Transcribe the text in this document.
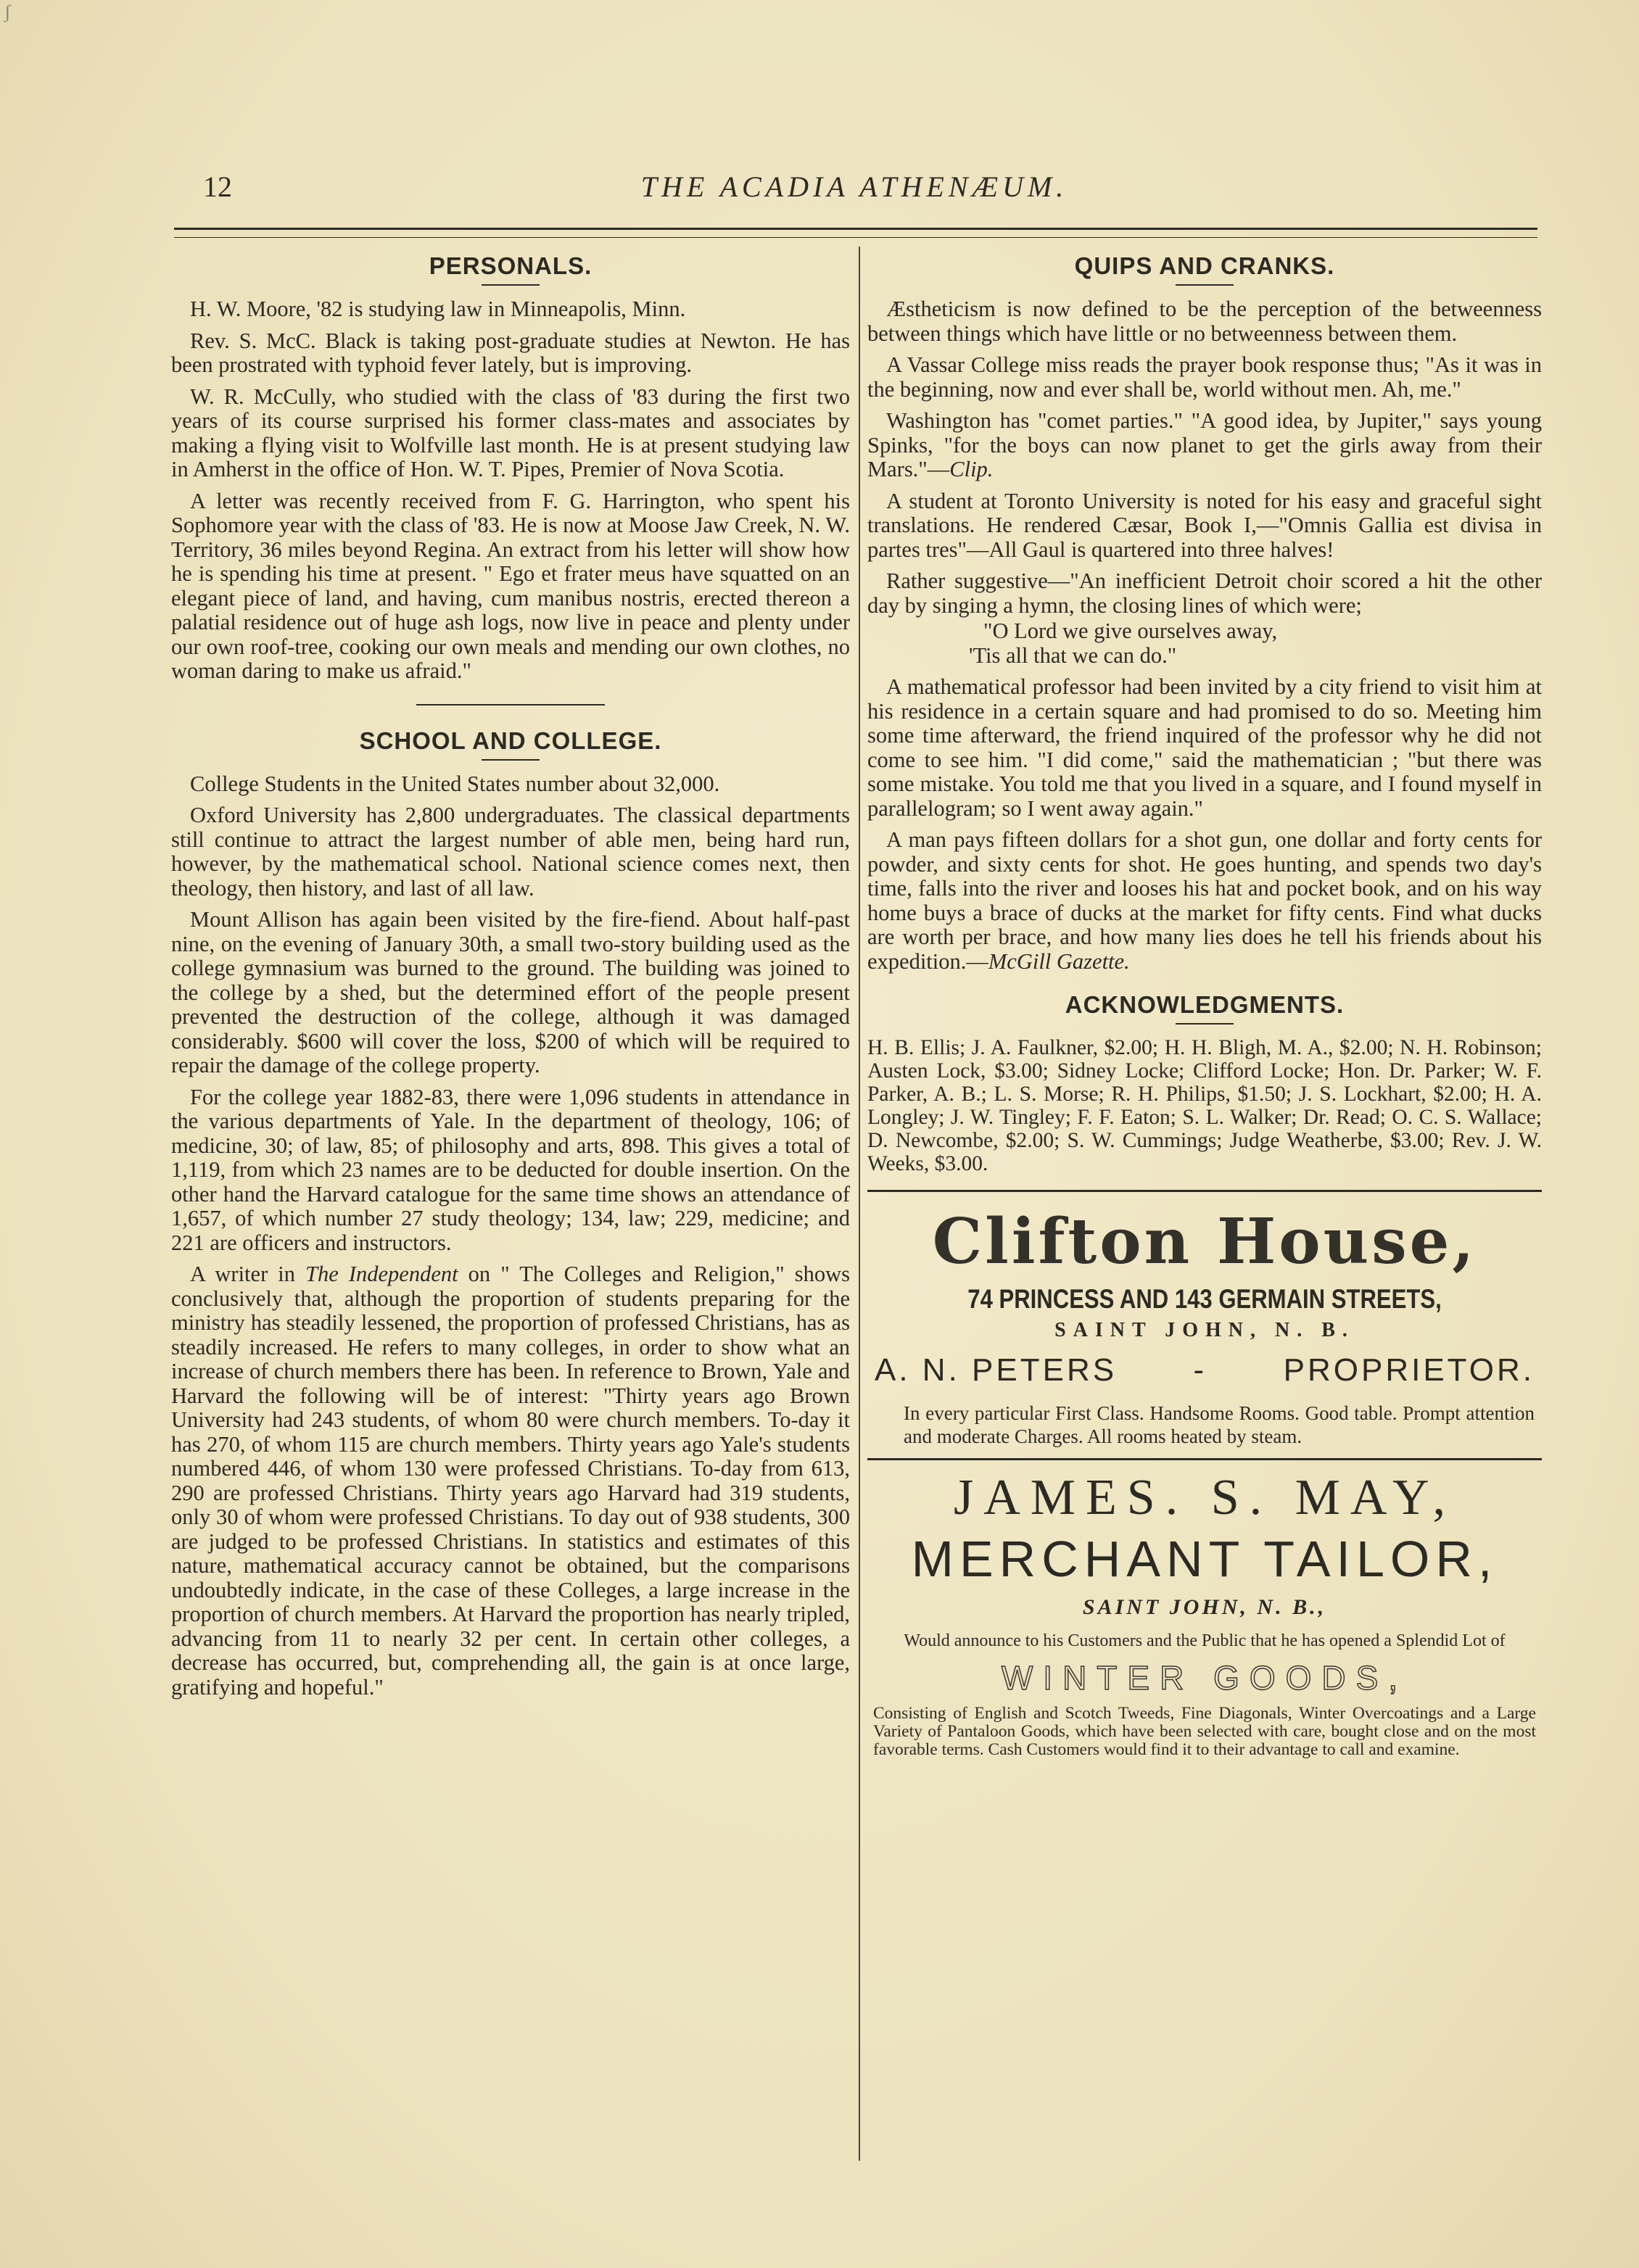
ʃ
12	THE ACADIA ATHENÆUM.
PERSONALS.

H. W. Moore, '82 is studying law in Minneapolis, Minn.

Rev. S. McC. Black is taking post-graduate studies at Newton. He has been prostrated with typhoid fever lately, but is improving.

W. R. McCully, who studied with the class of '83 during the first two years of its course surprised his former class-mates and associates by making a flying visit to Wolfville last month. He is at present studying law in Amherst in the office of Hon. W. T. Pipes, Premier of Nova Scotia.

A letter was recently received from F. G. Harrington, who spent his Sophomore year with the class of '83. He is now at Moose Jaw Creek, N. W. Territory, 36 miles beyond Regina. An extract from his letter will show how he is spending his time at present. " Ego et frater meus have squatted on an elegant piece of land, and having, cum manibus nostris, erected thereon a palatial residence out of huge ash logs, now live in peace and plenty under our own roof-tree, cooking our own meals and mending our own clothes, no woman daring to make us afraid."

SCHOOL AND COLLEGE.

College Students in the United States number about 32,000.

Oxford University has 2,800 undergraduates. The classical departments still continue to attract the largest number of able men, being hard run, however, by the mathematical school. National science comes next, then theology, then history, and last of all law.

Mount Allison has again been visited by the fire-fiend. About half-past nine, on the evening of January 30th, a small two-story building used as the college gymnasium was burned to the ground. The building was joined to the college by a shed, but the determined effort of the people present prevented the destruction of the college, although it was damaged considerably. $600 will cover the loss, $200 of which will be required to repair the damage of the college property.

For the college year 1882-83, there were 1,096 students in attendance in the various departments of Yale. In the department of theology, 106; of medicine, 30; of law, 85; of philosophy and arts, 898. This gives a total of 1,119, from which 23 names are to be deducted for double insertion. On the other hand the Harvard catalogue for the same time shows an attendance of 1,657, of which number 27 study theology; 134, law; 229, medicine; and 221 are officers and instructors.

A writer in The Independent on " The Colleges and Religion," shows conclusively that, although the proportion of students preparing for the ministry has steadily lessened, the proportion of professed Christians, has as steadily increased. He refers to many colleges, in order to show what an increase of church members there has been. In reference to Brown, Yale and Harvard the following will be of interest: "Thirty years ago Brown University had 243 students, of whom 80 were church members. To-day it has 270, of whom 115 are church members. Thirty years ago Yale's students numbered 446, of whom 130 were professed Christians. To-day from 613, 290 are professed Christians. Thirty years ago Harvard had 319 students, only 30 of whom were professed Christians. To day out of 938 students, 300 are judged to be professed Christians. In statistics and estimates of this nature, mathematical accuracy cannot be obtained, but the comparisons undoubtedly indicate, in the case of these Colleges, a large increase in the proportion of church members. At Harvard the proportion has nearly tripled, advancing from 11 to nearly 32 per cent. In certain other colleges, a decrease has occurred, but, comprehending all, the gain is at once large, gratifying and hopeful."

QUIPS AND CRANKS.

Æstheticism is now defined to be the perception of the betweenness between things which have little or no betweenness between them.

A Vassar College miss reads the prayer book response thus; "As it was in the beginning, now and ever shall be, world without men. Ah, me."

Washington has "comet parties." "A good idea, by Jupiter," says young Spinks, "for the boys can now planet to get the girls away from their Mars."—Clip.

A student at Toronto University is noted for his easy and graceful sight translations. He rendered Cæsar, Book I,—"Omnis Gallia est divisa in partes tres"—All Gaul is quartered into three halves!

Rather suggestive—"An inefficient Detroit choir scored a hit the other day by singing a hymn, the closing lines of which were;

"O Lord we give ourselves away,
'Tis all that we can do."

A mathematical professor had been invited by a city friend to visit him at his residence in a certain square and had promised to do so. Meeting him some time afterward, the friend inquired of the professor why he did not come to see him. "I did come," said the mathematician ; "but there was some mistake. You told me that you lived in a square, and I found myself in parallelogram; so I went away again."

A man pays fifteen dollars for a shot gun, one dollar and forty cents for powder, and sixty cents for shot. He goes hunting, and spends two day's time, falls into the river and looses his hat and pocket book, and on his way home buys a brace of ducks at the market for fifty cents. Find what ducks are worth per brace, and how many lies does he tell his friends about his expedition.—McGill Gazette.

ACKNOWLEDGMENTS.

H. B. Ellis; J. A. Faulkner, $2.00; H. H. Bligh, M. A., $2.00; N. H. Robinson; Austen Lock, $3.00; Sidney Locke; Clifford Locke; Hon. Dr. Parker; W. F. Parker, A. B.; L. S. Morse; R. H. Philips, $1.50; J. S. Lockhart, $2.00; H. A. Longley; J. W. Tingley; F. F. Eaton; S. L. Walker; Dr. Read; O. C. S. Wallace; D. Newcombe, $2.00; S. W. Cummings; Judge Weatherbe, $3.00; Rev. J. W. Weeks, $3.00.

Clifton House,
74 PRINCESS AND 143 GERMAIN STREETS,
SAINT JOHN, N. B.
A. N. PETERS - PROPRIETOR.

In every particular First Class. Handsome Rooms. Good table. Prompt attention and moderate Charges. All rooms heated by steam.

JAMES. S. MAY,
MERCHANT TAILOR,
SAINT JOHN, N. B.,

Would announce to his Customers and the Public that he has opened a Splendid Lot of

WINTER GOODS,

Consisting of English and Scotch Tweeds, Fine Diagonals, Winter Overcoatings and a Large Variety of Pantaloon Goods, which have been selected with care, bought close and on the most favorable terms. Cash Customers would find it to their advantage to call and examine.
